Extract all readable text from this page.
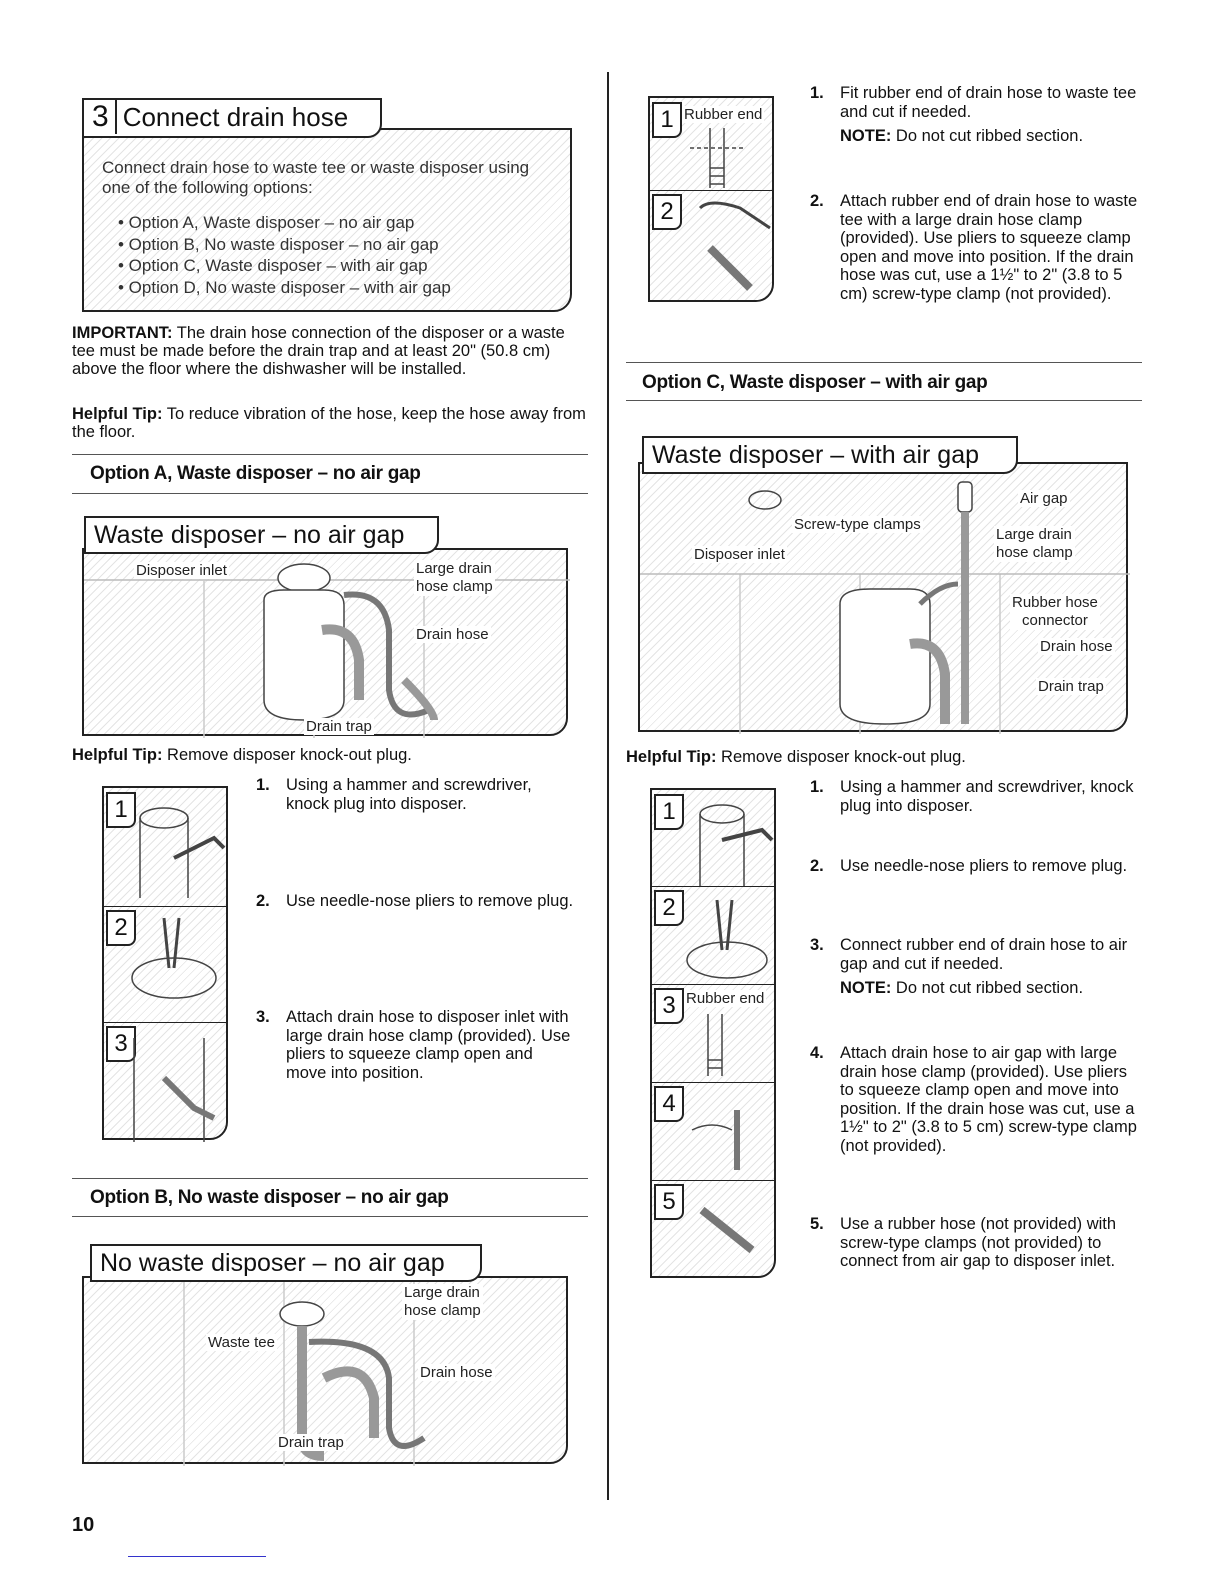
Connect drain hose to waste tee or waste disposer using one of the following options:
• Option A, Waste disposer – no air gap
• Option B, No waste disposer – no air gap
• Option C, Waste disposer – with air gap
• Option D, No waste disposer – with air gap
3 Connect drain hose
IMPORTANT: The drain hose connection of the disposer or a waste tee must be made before the drain trap and at least 20" (50.8 cm) above the floor where the dishwasher will be installed.
Helpful Tip: To reduce vibration of the hose, keep the hose away from the floor.
Option A, Waste disposer – no air gap
Disposer inlet	Large drain
hose clamp
Drain hose
Drain trap
Waste disposer – no air gap
Helpful Tip: Remove disposer knock-out plug.
1
2
3
1. Using a hammer and screwdriver, knock plug into disposer.
2. Use needle-nose pliers to remove plug.
3. Attach drain hose to disposer inlet with large drain hose clamp (provided). Use pliers to squeeze clamp open and move into position.
Option B, No waste disposer – no air gap
Large drain
hose clamp
Waste tee
Drain hose
Drain trap
No waste disposer – no air gap
10
1
2
Rubber end
1. Fit rubber end of drain hose to waste tee and cut if needed.
NOTE: Do not cut ribbed section.
2. Attach rubber end of drain hose to waste tee with a large drain hose clamp (provided). Use pliers to squeeze clamp open and move into position. If the drain hose was cut, use a 1½" to 2" (3.8 to 5 cm) screw-type clamp (not provided).
Option C, Waste disposer – with air gap
Air gap
Screw-type clamps
Large drain
hose clamp
Disposer inlet
Rubber hose
connector
Drain hose
Drain trap
Waste disposer – with air gap
Helpful Tip: Remove disposer knock-out plug.
1
2
3
4
5
Rubber end
1. Using a hammer and screwdriver, knock plug into disposer.
2. Use needle-nose pliers to remove plug.
3. Connect rubber end of drain hose to air gap and cut if needed.
NOTE: Do not cut ribbed section.
4. Attach drain hose to air gap with large drain hose clamp (provided). Use pliers to squeeze clamp open and move into position. If the drain hose was cut, use a 1½" to 2" (3.8 to 5 cm) screw-type clamp (not provided).
5. Use a rubber hose (not provided) with screw-type clamps (not provided) to connect from air gap to disposer inlet.
